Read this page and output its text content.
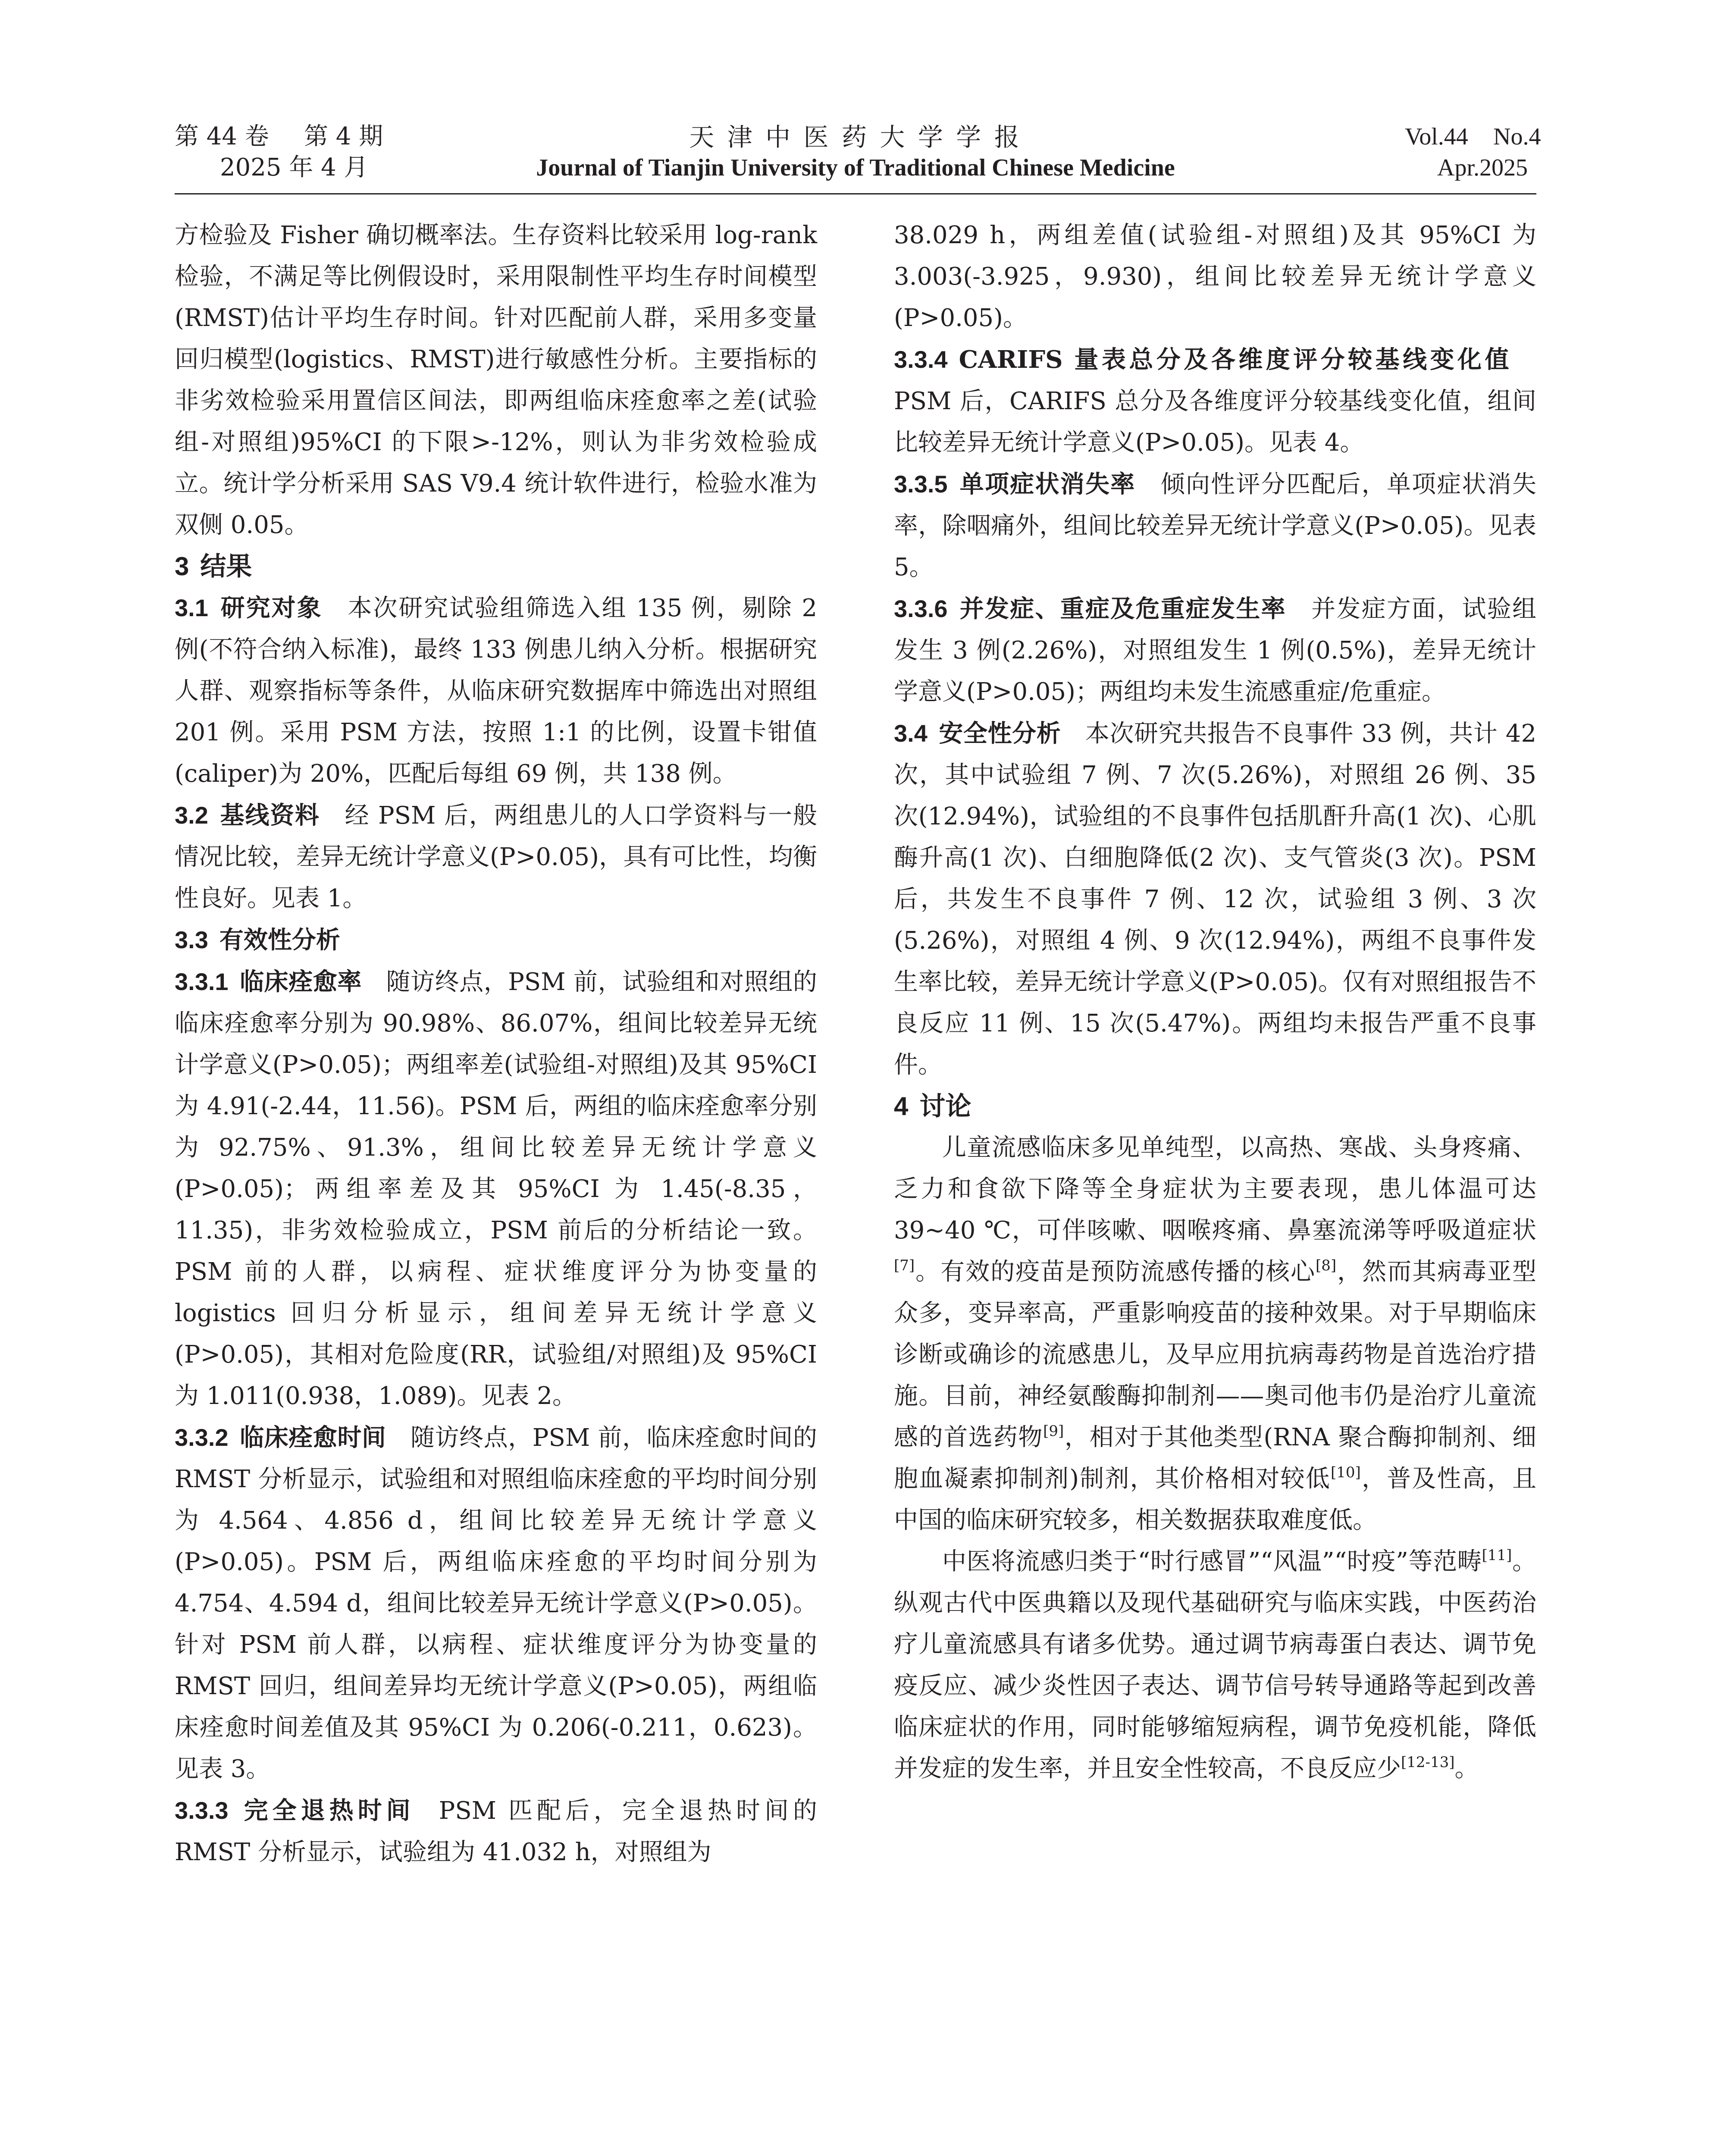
第 44 卷 第 4 期
2025 年 4 月
天 津 中 医 药 大 学 学 报
Journal of Tianjin University of Traditional Chinese Medicine
Vol.44 No.4
Apr.2025

方检验及 Fisher 确切概率法。生存资料比较采用 log-rank 检验，不满足等比例假设时，采用限制性平均生存时间模型(RMST)估计平均生存时间。针对匹配前人群，采用多变量回归模型(logistics、RMST)进行敏感性分析。主要指标的非劣效检验采用置信区间法，即两组临床痊愈率之差(试验组-对照组)95%CI 的下限>-12%，则认为非劣效检验成立。统计学分析采用 SAS V9.4 统计软件进行，检验水准为双侧 0.05。

3 结果

3.1 研究对象  本次研究试验组筛选入组 135 例，剔除 2 例(不符合纳入标准)，最终 133 例患儿纳入分析。根据研究人群、观察指标等条件，从临床研究数据库中筛选出对照组 201 例。采用 PSM 方法，按照 1:1 的比例，设置卡钳值(caliper)为 20%，匹配后每组 69 例，共 138 例。

3.2 基线资料  经 PSM 后，两组患儿的人口学资料与一般情况比较，差异无统计学意义(P>0.05)，具有可比性，均衡性良好。见表 1。

3.3 有效性分析

3.3.1 临床痊愈率  随访终点，PSM 前，试验组和对照组的临床痊愈率分别为 90.98%、86.07%，组间比较差异无统计学意义(P>0.05)；两组率差(试验组-对照组)及其 95%CI 为 4.91(-2.44，11.56)。PSM 后，两组的临床痊愈率分别为 92.75%、91.3%，组间比较差异无统计学意义(P>0.05)；两组率差及其 95%CI 为 1.45(-8.35，11.35)，非劣效检验成立，PSM 前后的分析结论一致。PSM 前的人群，以病程、症状维度评分为协变量的 logistics 回归分析显示，组间差异无统计学意义(P>0.05)，其相对危险度(RR，试验组/对照组)及 95%CI 为 1.011(0.938，1.089)。见表 2。

3.3.2 临床痊愈时间  随访终点，PSM 前，临床痊愈时间的 RMST 分析显示，试验组和对照组临床痊愈的平均时间分别为 4.564、4.856 d，组间比较差异无统计学意义(P>0.05)。PSM 后，两组临床痊愈的平均时间分别为 4.754、4.594 d，组间比较差异无统计学意义(P>0.05)。针对 PSM 前人群，以病程、症状维度评分为协变量的 RMST 回归，组间差异均无统计学意义(P>0.05)，两组临床痊愈时间差值及其 95%CI 为 0.206(-0.211，0.623)。见表 3。

3.3.3 完全退热时间  PSM 匹配后，完全退热时间的 RMST 分析显示，试验组为 41.032 h，对照组为

38.029 h，两组差值(试验组-对照组)及其 95%CI 为 3.003(-3.925，9.930)，组间比较差异无统计学意义(P>0.05)。

3.3.4 CARIFS 量表总分及各维度评分较基线变化值 PSM 后，CARIFS 总分及各维度评分较基线变化值，组间比较差异无统计学意义(P>0.05)。见表 4。

3.3.5 单项症状消失率  倾向性评分匹配后，单项症状消失率，除咽痛外，组间比较差异无统计学意义(P>0.05)。见表 5。

3.3.6 并发症、重症及危重症发生率  并发症方面，试验组发生 3 例(2.26%)，对照组发生 1 例(0.5%)，差异无统计学意义(P>0.05)；两组均未发生流感重症/危重症。

3.4 安全性分析  本次研究共报告不良事件 33 例，共计 42 次，其中试验组 7 例、7 次(5.26%)，对照组 26 例、35 次(12.94%)，试验组的不良事件包括肌酐升高(1 次)、心肌酶升高(1 次)、白细胞降低(2 次)、支气管炎(3 次)。PSM 后，共发生不良事件 7 例、12 次，试验组 3 例、3 次(5.26%)，对照组 4 例、9 次(12.94%)，两组不良事件发生率比较，差异无统计学意义(P>0.05)。仅有对照组报告不良反应 11 例、15 次(5.47%)。两组均未报告严重不良事件。

4 讨论

儿童流感临床多见单纯型，以高热、寒战、头身疼痛、乏力和食欲下降等全身症状为主要表现，患儿体温可达 39~40 ℃，可伴咳嗽、咽喉疼痛、鼻塞流涕等呼吸道症状[7]。有效的疫苗是预防流感传播的核心[8]，然而其病毒亚型众多，变异率高，严重影响疫苗的接种效果。对于早期临床诊断或确诊的流感患儿，及早应用抗病毒药物是首选治疗措施。目前，神经氨酸酶抑制剂——奥司他韦仍是治疗儿童流感的首选药物[9]，相对于其他类型(RNA 聚合酶抑制剂、细胞血凝素抑制剂)制剂，其价格相对较低[10]，普及性高，且中国的临床研究较多，相关数据获取难度低。

中医将流感归类于“时行感冒”“风温”“时疫”等范畴[11]。纵观古代中医典籍以及现代基础研究与临床实践，中医药治疗儿童流感具有诸多优势。通过调节病毒蛋白表达、调节免疫反应、减少炎性因子表达、调节信号转导通路等起到改善临床症状的作用，同时能够缩短病程，调节免疫机能，降低并发症的发生率，并且安全性较高，不良反应少[12-13]。
